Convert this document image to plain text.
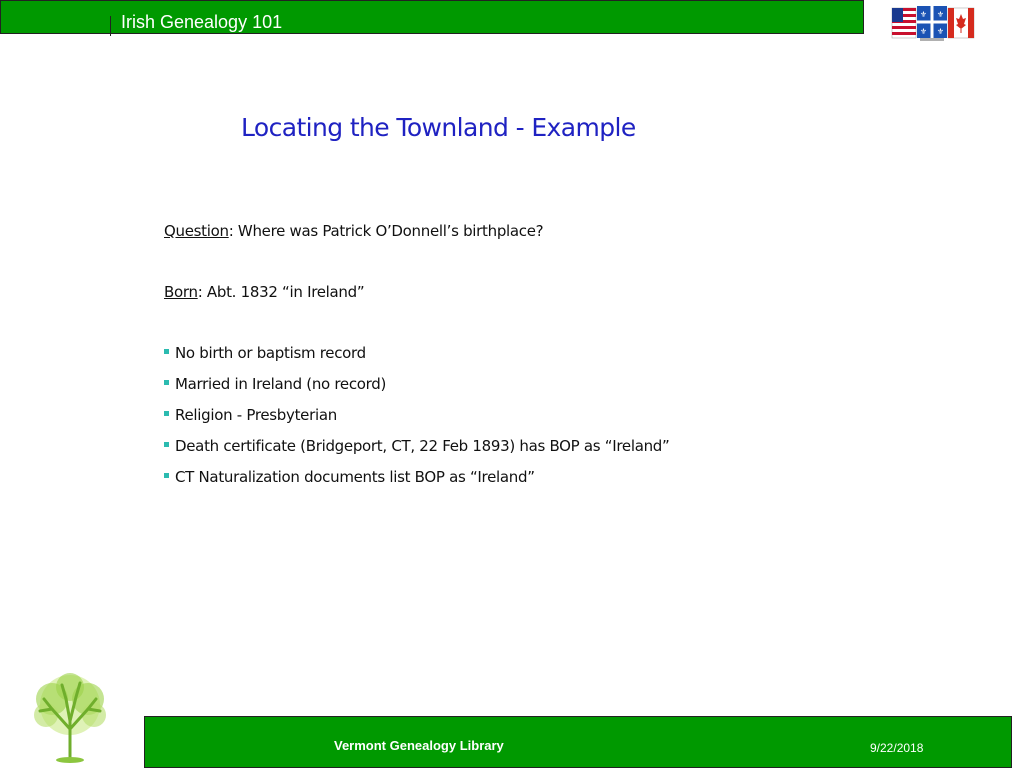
Irish Genealogy 101	⚜ ⚜
⚜ ⚜
Locating the Townland - Example
Question: Where was Patrick O’Donnell’s birthplace?
Born: Abt. 1832 “in Ireland”
No birth or baptism record
Married in Ireland (no record)
Religion - Presbyterian
Death certificate (Bridgeport, CT, 22 Feb 1893) has BOP as “Ireland”
CT Naturalization documents list BOP as “Ireland”
Vermont Genealogy Library	9/22/2018
